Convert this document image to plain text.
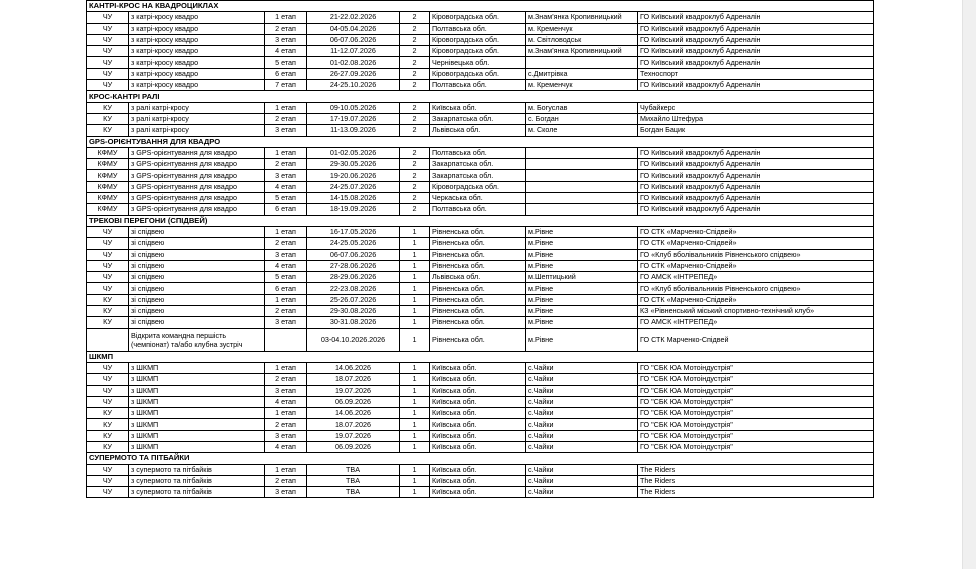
КАНТРІ-КРОС НА КВАДРОЦИКЛАХ							
ЧУ	з катрі-кросу квадро	1 етап	21-22.02.2026	2	Кіровоградська обл.	м.Знам'янка Кропивницький	ГО Київський квадроклуб Адреналін
ЧУ	з катрі-кросу квадро	2 етап	04-05.04.2026	2	Полтавська обл.	м. Кременчук	ГО Київський квадроклуб Адреналін
ЧУ	з катрі-кросу квадро	3 етап	06-07.06.2026	2	Кіровоградська обл.	м. Світловодськ	ГО Київський квадроклуб Адреналін
ЧУ	з катрі-кросу квадро	4 етап	11-12.07.2026	2	Кіровоградська обл.	м.Знам'янка Кропивницький	ГО Київський квадроклуб Адреналін
ЧУ	з катрі-кросу квадро	5 етап	01-02.08.2026	2	Чернівецька обл.		ГО Київський квадроклуб Адреналін
ЧУ	з катрі-кросу квадро	6 етап	26-27.09.2026	2	Кіровоградська обл.	с.Дмитрівка	Техноспорт
ЧУ	з катрі-кросу квадро	7 етап	24-25.10.2026	2	Полтавська обл.	м. Кременчук	ГО Київський квадроклуб Адреналін
КРОС-КАНТРІ РАЛІ							
КУ	з ралі катрі-кросу	1 етап	09-10.05.2026	2	Київська обл.	м. Богуслав	Чубайкерс
КУ	з ралі катрі-кросу	2 етап	17-19.07.2026	2	Закарпатська обл.	с. Богдан	Михайло Штефура
КУ	з ралі катрі-кросу	3 етап	11-13.09.2026	2	Львівська обл.	м. Сколе	Богдан Бацик
GPS-ОРІЄНТУВАННЯ ДЛЯ КВАДРО							
КФМУ	з GPS-орієнтування для квадро	1 етап	01-02.05.2026	2	Полтавська обл.		ГО Київський квадроклуб Адреналін
КФМУ	з GPS-орієнтування для квадро	2 етап	29-30.05.2026	2	Закарпатська обл.		ГО Київський квадроклуб Адреналін
КФМУ	з GPS-орієнтування для квадро	3 етап	19-20.06.2026	2	Закарпатська обл.		ГО Київський квадроклуб Адреналін
КФМУ	з GPS-орієнтування для квадро	4 етап	24-25.07.2026	2	Кіровоградська обл.		ГО Київський квадроклуб Адреналін
КФМУ	з GPS-орієнтування для квадро	5 етап	14-15.08.2026	2	Черкаська обл.		ГО Київський квадроклуб Адреналін
КФМУ	з GPS-орієнтування для квадро	6 етап	18-19.09.2026	2	Полтавська обл.		ГО Київський квадроклуб Адреналін
ТРЕКОВІ ПЕРЕГОНИ (СПІДВЕЙ)							
ЧУ	зі спідвею	1 етап	16-17.05.2026	1	Рівненська обл.	м.Рівне	ГО СТК «Марченко-Спідвей»
ЧУ	зі спідвею	2 етап	24-25.05.2026	1	Рівненська обл.	м.Рівне	ГО СТК «Марченко-Спідвей»
ЧУ	зі спідвею	3 етап	06-07.06.2026	1	Рівненська обл.	м.Рівне	ГО «Клуб вболівальників Рівненського спідвею»
ЧУ	зі спідвею	4 етап	27-28.06.2026	1	Рівненська обл.	м.Рівне	ГО СТК «Марченко-Спідвей»
ЧУ	зі спідвею	5 етап	28-29.06.2026	1	Львівська обл.	м.Шептицький	ГО АМСК «ІНТРЕПЕД»
ЧУ	зі спідвею	6 етап	22-23.08.2026	1	Рівненська обл.	м.Рівне	ГО «Клуб вболівальників Рівненського спідвею»
КУ	зі спідвею	1 етап	25-26.07.2026	1	Рівненська обл.	м.Рівне	ГО СТК «Марченко-Спідвей»
КУ	зі спідвею	2 етап	29-30.08.2026	1	Рівненська обл.	м.Рівне	КЗ «Рівненський міський спортивно-технічний клуб»
КУ	зі спідвею	3 етап	30-31.08.2026	1	Рівненська обл.	м.Рівне	ГО АМСК «ІНТРЕПЕД»
	Відкрита командна першість (чемпіонат) та/або клубна зустріч		03-04.10.2026.2026	1	Рівненська обл.	м.Рівне	ГО СТК Марченко-Спідвей
ШКМП							
ЧУ	з ШКМП	1 етап	14.06.2026	1	Київська обл.	с.Чайки	ГО "СБК ЮА Мотоіндустрія"
ЧУ	з ШКМП	2 етап	18.07.2026	1	Київська обл.	с.Чайки	ГО "СБК ЮА Мотоіндустрія"
ЧУ	з ШКМП	3 етап	19.07.2026	1	Київська обл.	с.Чайки	ГО "СБК ЮА Мотоіндустрія"
ЧУ	з ШКМП	4 етап	06.09.2026	1	Київська обл.	с.Чайки	ГО "СБК ЮА Мотоіндустрія"
КУ	з ШКМП	1 етап	14.06.2026	1	Київська обл.	с.Чайки	ГО "СБК ЮА Мотоіндустрія"
КУ	з ШКМП	2 етап	18.07.2026	1	Київська обл.	с.Чайки	ГО "СБК ЮА Мотоіндустрія"
КУ	з ШКМП	3 етап	19.07.2026	1	Київська обл.	с.Чайки	ГО "СБК ЮА Мотоіндустрія"
КУ	з ШКМП	4 етап	06.09.2026	1	Київська обл.	с.Чайки	ГО "СБК ЮА Мотоіндустрія"
СУПЕРМОТО ТА ПІТБАЙКИ							
ЧУ	з супермото та пітбайків	1 етап	TBA	1	Київська обл.	с.Чайки	The Riders
ЧУ	з супермото та пітбайків	2 етап	TBA	1	Київська обл.	с.Чайки	The Riders
ЧУ	з супермото та пітбайків	3 етап	TBA	1	Київська обл.	с.Чайки	The Riders
